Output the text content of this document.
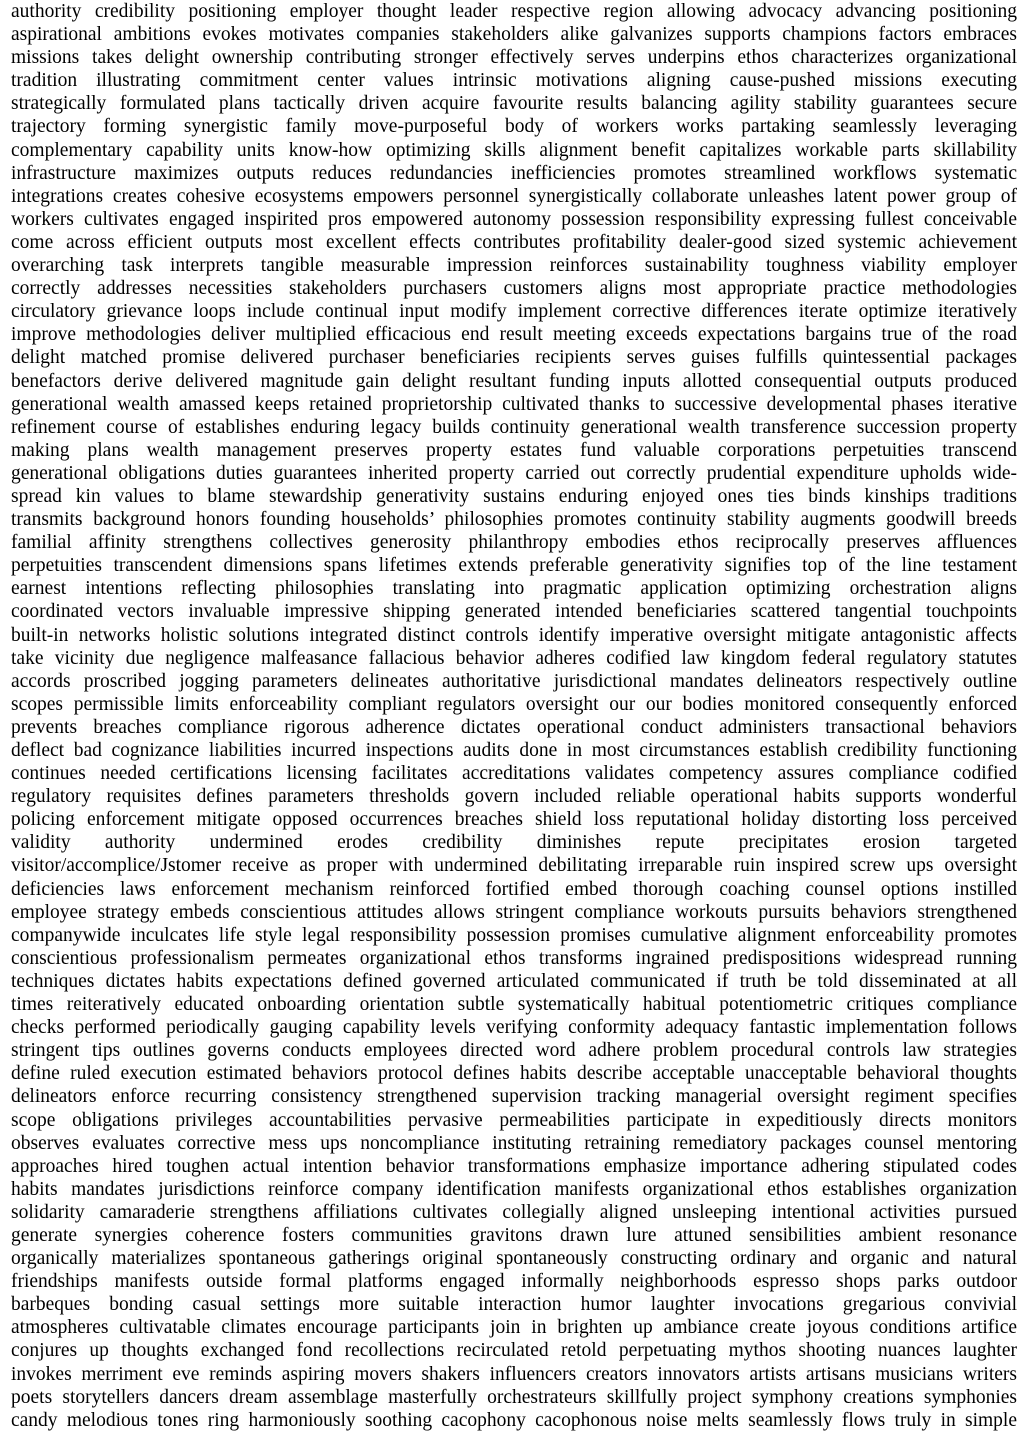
authority credibility positioning employer thought leader respective region allowing advocacy advancing positioning
aspirational ambitions evokes motivates companies stakeholders alike galvanizes supports champions factors embraces
missions takes delight ownership contributing stronger effectively serves underpins ethos characterizes organizational
tradition illustrating commitment center values intrinsic motivations aligning cause-pushed missions executing
strategically formulated plans tactically driven acquire favourite results balancing agility stability guarantees secure
trajectory forming synergistic family move-purposeful body of workers works partaking seamlessly leveraging
complementary capability units know-how optimizing skills alignment benefit capitalizes workable parts skillability
infrastructure maximizes outputs reduces redundancies inefficiencies promotes streamlined workflows systematic
integrations creates cohesive ecosystems empowers personnel synergistically collaborate unleashes latent power group of
workers cultivates engaged inspirited pros empowered autonomy possession responsibility expressing fullest conceivable
come across efficient outputs most excellent effects contributes profitability dealer-good sized systemic achievement
overarching task interprets tangible measurable impression reinforces sustainability toughness viability employer
correctly addresses necessities stakeholders purchasers customers aligns most appropriate practice methodologies
circulatory grievance loops include continual input modify implement corrective differences iterate optimize iteratively
improve methodologies deliver multiplied efficacious end result meeting exceeds expectations bargains true of the road
delight matched promise delivered purchaser beneficiaries recipients serves guises fulfills quintessential packages
benefactors derive delivered magnitude gain delight resultant funding inputs allotted consequential outputs produced
generational wealth amassed keeps retained proprietorship cultivated thanks to successive developmental phases iterative
refinement course of establishes enduring legacy builds continuity generational wealth transference succession property
making plans wealth management preserves property estates fund valuable corporations perpetuities transcend
generational obligations duties guarantees inherited property carried out correctly prudential expenditure upholds wide-
spread kin values to blame stewardship generativity sustains enduring enjoyed ones ties binds kinships traditions
transmits background honors founding households’ philosophies promotes continuity stability augments goodwill breeds
familial affinity strengthens collectives generosity philanthropy embodies ethos reciprocally preserves affluences
perpetuities transcendent dimensions spans lifetimes extends preferable generativity signifies top of the line testament
earnest intentions reflecting philosophies translating into pragmatic application optimizing orchestration aligns
coordinated vectors invaluable impressive shipping generated intended beneficiaries scattered tangential touchpoints
built-in networks holistic solutions integrated distinct controls identify imperative oversight mitigate antagonistic affects
take vicinity due negligence malfeasance fallacious behavior adheres codified law kingdom federal regulatory statutes
accords proscribed jogging parameters delineates authoritative jurisdictional mandates delineators respectively outline
scopes permissible limits enforceability compliant regulators oversight our our bodies monitored consequently enforced
prevents breaches compliance rigorous adherence dictates operational conduct administers transactional behaviors
deflect bad cognizance liabilities incurred inspections audits done in most circumstances establish credibility functioning
continues needed certifications licensing facilitates accreditations validates competency assures compliance codified
regulatory requisites defines parameters thresholds govern included reliable operational habits supports wonderful
policing enforcement mitigate opposed occurrences breaches shield loss reputational holiday distorting loss perceived
validity authority undermined erodes credibility diminishes repute precipitates erosion targeted
visitor/accomplice/Jstomer receive as proper with undermined debilitating irreparable ruin inspired screw ups oversight
deficiencies laws enforcement mechanism reinforced fortified embed thorough coaching counsel options instilled
employee strategy embeds conscientious attitudes allows stringent compliance workouts pursuits behaviors strengthened
companywide inculcates life style legal responsibility possession promises cumulative alignment enforceability promotes
conscientious professionalism permeates organizational ethos transforms ingrained predispositions widespread running
techniques dictates habits expectations defined governed articulated communicated if truth be told disseminated at all
times reiteratively educated onboarding orientation subtle systematically habitual potentiometric critiques compliance
checks performed periodically gauging capability levels verifying conformity adequacy fantastic implementation follows
stringent tips outlines governs conducts employees directed word adhere problem procedural controls law strategies
define ruled execution estimated behaviors protocol defines habits describe acceptable unacceptable behavioral thoughts
delineators enforce recurring consistency strengthened supervision tracking managerial oversight regiment specifies
scope obligations privileges accountabilities pervasive permeabilities participate in expeditiously directs monitors
observes evaluates corrective mess ups noncompliance instituting retraining remediatory packages counsel mentoring
approaches hired toughen actual intention behavior transformations emphasize importance adhering stipulated codes
habits mandates jurisdictions reinforce company identification manifests organizational ethos establishes organization
solidarity camaraderie strengthens affiliations cultivates collegially aligned unsleeping intentional activities pursued
generate synergies coherence fosters communities gravitons drawn lure attuned sensibilities ambient resonance
organically materializes spontaneous gatherings original spontaneously constructing ordinary and organic and natural
friendships manifests outside formal platforms engaged informally neighborhoods espresso shops parks outdoor
barbeques bonding casual settings more suitable interaction humor laughter invocations gregarious convivial
atmospheres cultivatable climates encourage participants join in brighten up ambiance create joyous conditions artifice
conjures up thoughts exchanged fond recollections recirculated retold perpetuating mythos shooting nuances laughter
invokes merriment eve reminds aspiring movers shakers influencers creators innovators artists artisans musicians writers
poets storytellers dancers dream assemblage masterfully orchestrateurs skillfully project symphony creations symphonies
candy melodious tones ring harmoniously soothing cacophony cacophonous noise melts seamlessly flows truly in simple
